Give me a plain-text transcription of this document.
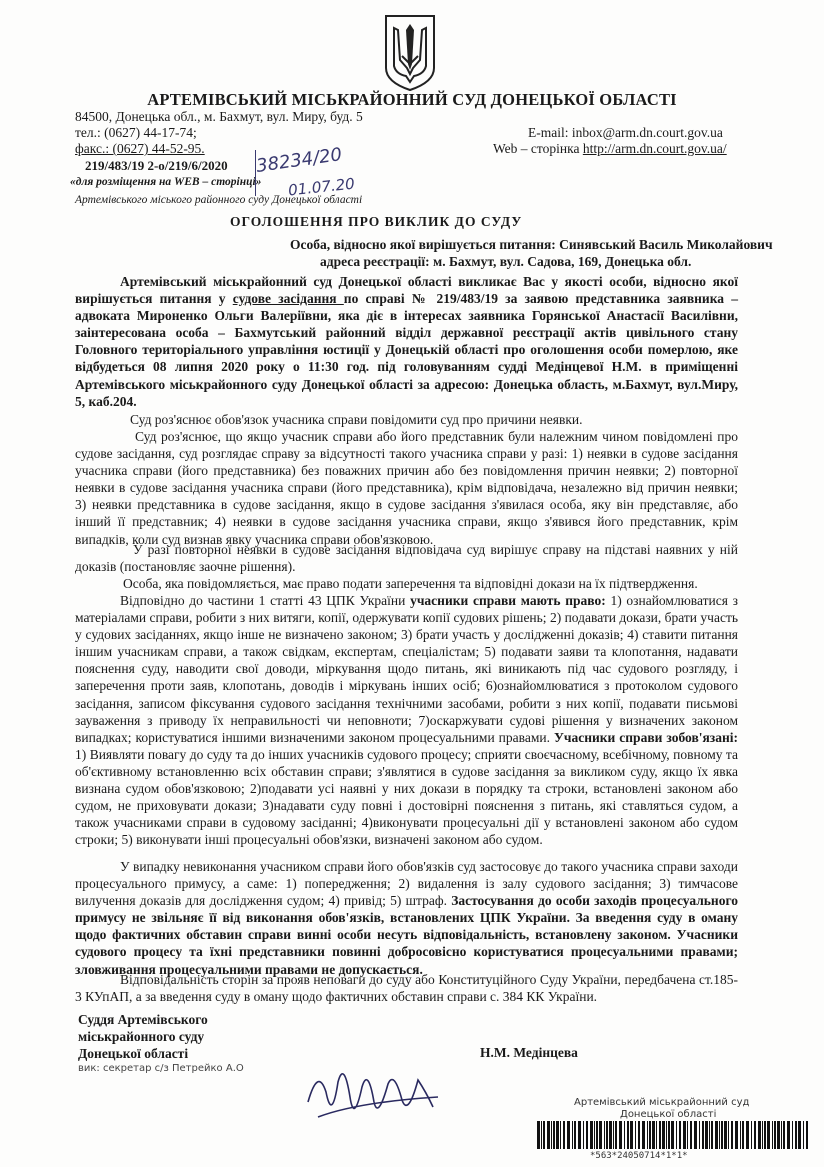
АРТЕМІВСЬКИЙ МІСЬКРАЙОННИЙ СУД ДОНЕЦЬКОЇ ОБЛАСТІ
84500, Донецька обл., м. Бахмут, вул. Миру, буд. 5
тел.: (0627) 44-17-74;
факс.: (0627) 44-52-95.
E-mail: inbox@arm.dn.court.gov.ua
Web – сторінка http://arm.dn.court.gov.ua/
219/483/19 2-о/219/6/2020
«для розміщення на WEB – сторінці»
Артемівського міського районного суду Донецької області
38234/20
01.07.20
ОГОЛОШЕННЯ ПРО ВИКЛИК ДО СУДУ
Особа, відносно якої вирішується питання: Синявський Василь Миколайович
адреса реєстрації: м. Бахмут, вул. Садова, 169, Донецька обл.
Артемівський міськрайонний суд Донецької області викликає Вас у якості особи, відносно якої вирішується питання у судове засідання по справі № 219/483/19 за заявою представника заявника – адвоката Мироненко Ольги Валеріївни, яка діє в інтересах заявника Горянської Анастасії Василівни, заінтересована особа – Бахмутський районний відділ державної реєстрації актів цивільного стану Головного територіального управління юстиції у Донецькій області про оголошення особи померлою, яке відбудеться 08 липня 2020 року о 11:30 год. під головуванням судді Медінцевої Н.М. в приміщенні Артемівського міськрайонного суду Донецької області за адресою: Донецька область, м.Бахмут, вул.Миру, 5, каб.204.
Суд роз'яснює обов'язок учасника справи повідомити суд про причини неявки.
Суд роз'яснює, що якщо учасник справи або його представник були належним чином повідомлені про судове засідання, суд розглядає справу за відсутності такого учасника справи у разі: 1) неявки в судове засідання учасника справи (його представника) без поважних причин або без повідомлення причин неявки; 2) повторної неявки в судове засідання учасника справи (його представника), крім відповідача, незалежно від причин неявки; 3) неявки представника в судове засідання, якщо в судове засідання з'явилася особа, яку він представляє, або інший її представник; 4) неявки в судове засідання учасника справи, якщо з'явився його представник, крім випадків, коли суд визнав явку учасника справи обов'язковою.
У разі повторної неявки в судове засідання відповідача суд вирішує справу на підставі наявних у ній доказів (постановляє заочне рішення).
Особа, яка повідомляється, має право подати заперечення та відповідні докази на їх підтвердження.
Відповідно до частини 1 статті 43 ЦПК України учасники справи мають право: 1) ознайомлюватися з матеріалами справи, робити з них витяги, копії, одержувати копії судових рішень; 2) подавати докази, брати участь у судових засіданнях, якщо інше не визначено законом; 3) брати участь у дослідженні доказів; 4) ставити питання іншим учасникам справи, а також свідкам, експертам, спеціалістам; 5) подавати заяви та клопотання, надавати пояснення суду, наводити свої доводи, міркування щодо питань, які виникають під час судового розгляду, і заперечення проти заяв, клопотань, доводів і міркувань інших осіб; 6)ознайомлюватися з протоколом судового засідання, записом фіксування судового засідання технічними засобами, робити з них копії, подавати письмові зауваження з приводу їх неправильності чи неповноти; 7)оскаржувати судові рішення у визначених законом випадках; користуватися іншими визначеними законом процесуальними правами. Учасники справи зобов'язані: 1) Виявляти повагу до суду та до інших учасників судового процесу; сприяти своєчасному, всебічному, повному та об'єктивному встановленню всіх обставин справи; з'являтися в судове засідання за викликом суду, якщо їх явка визнана судом обов'язковою; 2)подавати усі наявні у них докази в порядку та строки, встановлені законом або судом, не приховувати докази; 3)надавати суду повні і достовірні пояснення з питань, які ставляться судом, а також учасниками справи в судовому засіданні; 4)виконувати процесуальні дії у встановлені законом або судом строки; 5) виконувати інші процесуальні обов'язки, визначені законом або судом.
У випадку невиконання учасником справи його обов'язків суд застосовує до такого учасника справи заходи процесуального примусу, а саме: 1) попередження; 2) видалення із залу судового засідання; 3) тимчасове вилучення доказів для дослідження судом; 4) привід; 5) штраф. Застосування до особи заходів процесуального примусу не звільняє її від виконання обов'язків, встановлених ЦПК України. За введення суду в оману щодо фактичних обставин справи винні особи несуть відповідальність, встановлену законом. Учасники судового процесу та їхні представники повинні добросовісно користуватися процесуальними правами; зловживання процесуальними правами не допускається.
Відповідальність сторін за прояв неповаги до суду або Конституційного Суду України, передбачена ст.185-3 КУпАП, а за введення суду в оману щодо фактичних обставин справи с. 384 КК України.
Суддя Артемівського
міськрайонного суду
Донецької області
вик: секретар с/з Петрейко А.О
Н.М. Медінцева
Артемівський міськрайонний суд
Донецької області
*563*24050714*1*1*
